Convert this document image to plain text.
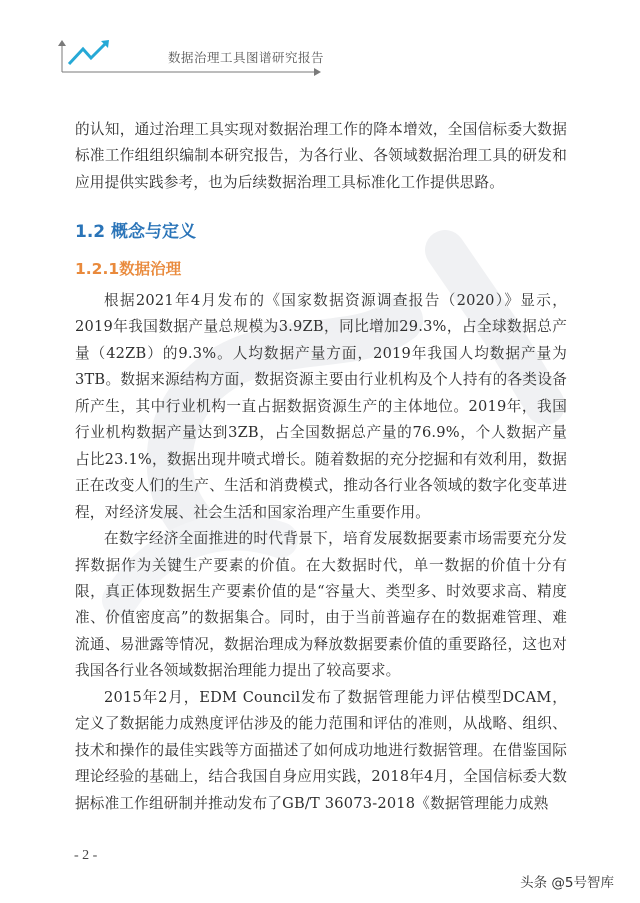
数据治理工具图谱研究报告

的认知，通过治理工具实现对数据治理工作的降本增效，全国信标委大数据标准工作组组织编制本研究报告，为各行业、各领域数据治理工具的研发和应用提供实践参考，也为后续数据治理工具标准化工作提供思路。

1.2 概念与定义
1.2.1数据治理

根据2021年4月发布的《国家数据资源调查报告（2020）》显示，2019年我国数据产量总规模为3.9ZB，同比增加29.3%，占全球数据总产量（42ZB）的9.3%。人均数据产量方面，2019年我国人均数据产量为3TB。数据来源结构方面，数据资源主要由行业机构及个人持有的各类设备所产生，其中行业机构一直占据数据资源生产的主体地位。2019年，我国行业机构数据产量达到3ZB，占全国数据总产量的76.9%，个人数据产量占比23.1%，数据出现井喷式增长。随着数据的充分挖掘和有效利用，数据正在改变人们的生产、生活和消费模式，推动各行业各领域的数字化变革进程，对经济发展、社会生活和国家治理产生重要作用。

在数字经济全面推进的时代背景下，培育发展数据要素市场需要充分发挥数据作为关键生产要素的价值。在大数据时代，单一数据的价值十分有限，真正体现数据生产要素价值的是“容量大、类型多、时效要求高、精度准、价值密度高”的数据集合。同时，由于当前普遍存在的数据难管理、难流通、易泄露等情况，数据治理成为释放数据要素价值的重要路径，这也对我国各行业各领域数据治理能力提出了较高要求。

2015年2月，EDM Council发布了数据管理能力评估模型DCAM，定义了数据能力成熟度评估涉及的能力范围和评估的准则，从战略、组织、技术和操作的最佳实践等方面描述了如何成功地进行数据管理。在借鉴国际理论经验的基础上，结合我国自身应用实践，2018年4月，全国信标委大数据标准工作组研制并推动发布了GB/T 36073-2018《数据管理能力成熟

- 2 -
头条 @5号智库
